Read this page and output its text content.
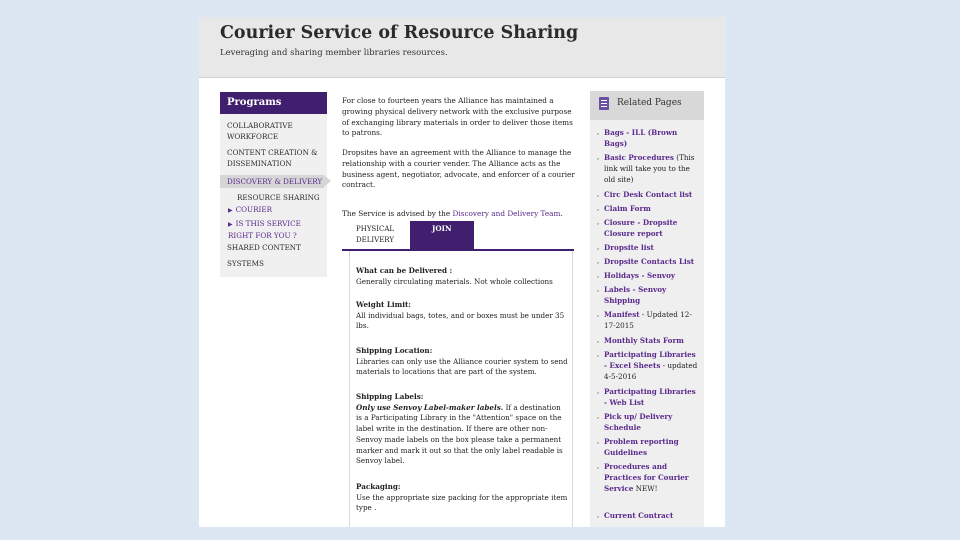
Courier Service of Resource Sharing
Leveraging and sharing member libraries resources.
Programs
COLLABORATIVE WORKFORCE
CONTENT CREATION & DISSEMINATION
DISCOVERY & DELIVERY
RESOURCE SHARING
▶ COURIER
▶ IS THIS SERVICE RIGHT FOR YOU ?
SHARED CONTENT
SYSTEMS
For close to fourteen years the Alliance has maintained a growing physical delivery network with the exclusive purpose of exchanging library materials in order to deliver those items to patrons.
Dropsites have an agreement with the Alliance to manage the relationship with a courier vender. The Alliance acts as the business agent, negotiator, advocate, and enforcer of a courier contract.
The Service is advised by the Discovery and Delivery Team.
PHYSICAL DELIVERY
JOIN
What can be Delivered :
Generally circulating materials. Not whole collections
Weight Limit:
All individual bags, totes, and or boxes must be under 35 lbs.
Shipping Location:
Libraries can only use the Alliance courier system to send materials to locations that are part of the system.
Shipping Labels:
Only use Senvoy Label-maker labels. If a destination is a Participating Library in the "Attention" space on the label write in the destination. If there are other non-Senvoy made labels on the box please take a permanent marker and mark it out so that the only label readable is Senvoy label.
Packaging:
Use the appropriate size packing for the appropriate item type .
Related Pages
, Bags - ILL (Brown Bags)
, Basic Procedures (This link will take you to the old site)
, Circ Desk Contact list
, Claim Form
, Closure - Dropsite Closure report
, Dropsite list
, Dropsite Contacts List
, Holidays - Senvoy
, Labels - Senvoy Shipping
, Manifest - Updated 12-17-2015
, Monthly Stats Form
, Participating Libraries - Excel Sheets - updated 4-5-2016
, Participating Libraries - Web List
, Pick up/ Delivery Schedule
, Problem reporting Guidelines
, Procedures and Practices for Courier Service NEW!
, Current Contract
